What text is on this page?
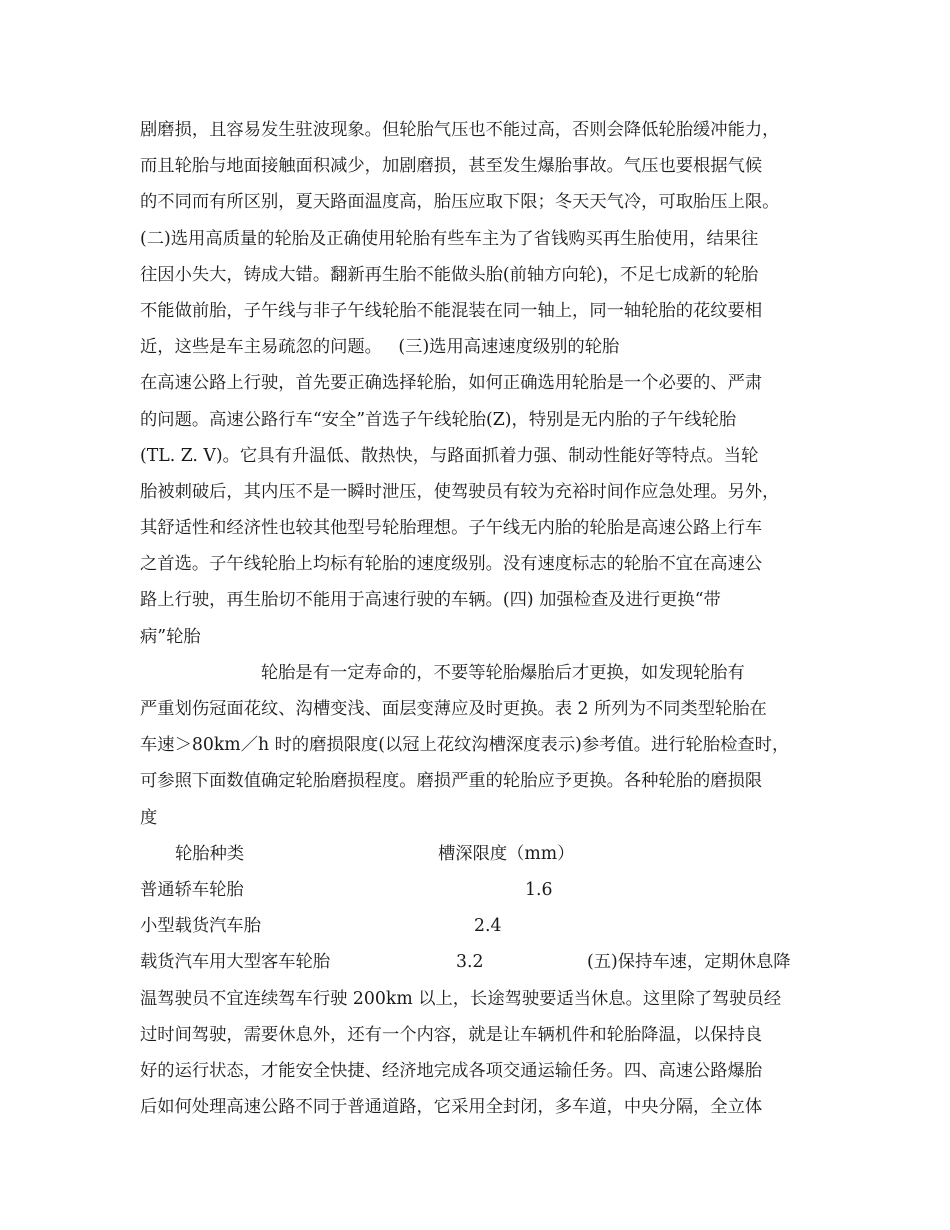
剧磨损，且容易发生驻波现象。但轮胎气压也不能过高，否则会降低轮胎缓冲能力，
而且轮胎与地面接触面积减少，加剧磨损，甚至发生爆胎事故。气压也要根据气候
的不同而有所区别，夏天路面温度高，胎压应取下限；冬天天气冷，可取胎压上限。
(二)选用高质量的轮胎及正确使用轮胎有些车主为了省钱购买再生胎使用，结果往
往因小失大，铸成大错。翻新再生胎不能做头胎(前轴方向轮)，不足七成新的轮胎
不能做前胎，子午线与非子午线轮胎不能混装在同一轴上，同一轴轮胎的花纹要相
近，这些是车主易疏忽的问题。   (三)选用高速速度级别的轮胎
在高速公路上行驶，首先要正确选择轮胎，如何正确选用轮胎是一个必要的、严肃
的问题。高速公路行车“安全”首选子午线轮胎(Z)，特别是无内胎的子午线轮胎
(TL. Z. V)。它具有升温低、散热快，与路面抓着力强、制动性能好等特点。当轮
胎被刺破后，其内压不是一瞬时泄压，使驾驶员有较为充裕时间作应急处理。另外，
其舒适性和经济性也较其他型号轮胎理想。子午线无内胎的轮胎是高速公路上行车
之首选。子午线轮胎上均标有轮胎的速度级别。没有速度标志的轮胎不宜在高速公
路上行驶，再生胎切不能用于高速行驶的车辆。(四) 加强检查及进行更换“带
病”轮胎
轮胎是有一定寿命的，不要等轮胎爆胎后才更换，如发现轮胎有
严重划伤冠面花纹、沟槽变浅、面层变薄应及时更换。表 2 所列为不同类型轮胎在
车速＞80km／h 时的磨损限度(以冠上花纹沟槽深度表示)参考值。进行轮胎检查时，
可参照下面数值确定轮胎磨损程度。磨损严重的轮胎应予更换。各种轮胎的磨损限
度
轮胎种类	槽深限度（mm）
普通轿车轮胎	1.6
小型载货汽车胎	2.4
载货汽车用大型客车轮胎	3.2	(五)保持车速，定期休息降
温驾驶员不宜连续驾车行驶 200km 以上，长途驾驶要适当休息。这里除了驾驶员经
过时间驾驶，需要休息外，还有一个内容，就是让车辆机件和轮胎降温，以保持良
好的运行状态，才能安全快捷、经济地完成各项交通运输任务。四、高速公路爆胎
后如何处理高速公路不同于普通道路，它采用全封闭，多车道，中央分隔，全立体
